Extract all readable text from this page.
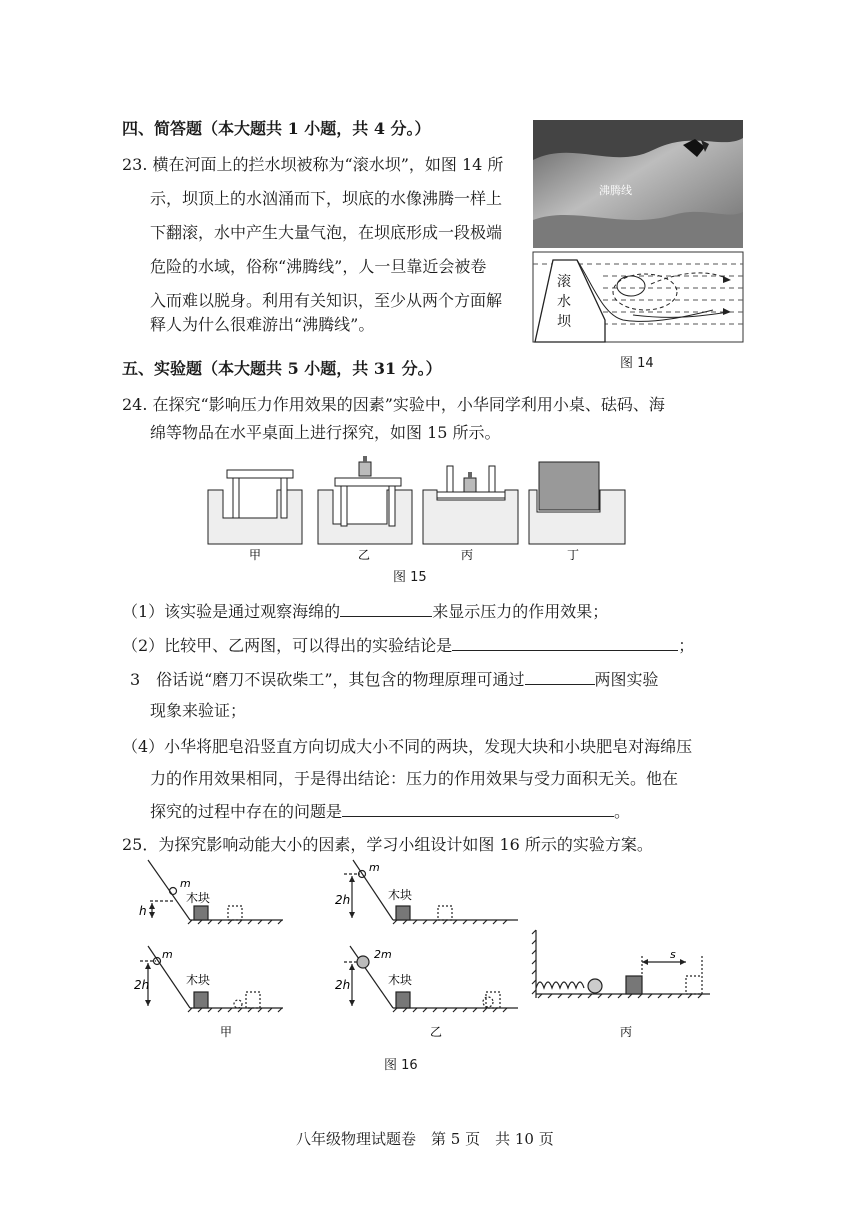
四、简答题（本大题共 1 小题，共 4 分。）
23. 横在河面上的拦水坝被称为“滚水坝”，如图 14 所
示，坝顶上的水汹涌而下，坝底的水像沸腾一样上
下翻滚，水中产生大量气泡，在坝底形成一段极端
危险的水域，俗称“沸腾线”，人一旦靠近会被卷
入而难以脱身。利用有关知识，至少从两个方面解
释人为什么很难游出“沸腾线”。
沸腾线
滚
水
坝
图 14
五、实验题（本大题共 5 小题，共 31 分。）
24. 在探究“影响压力作用效果的因素”实验中，小华同学利用小桌、砝码、海
绵等物品在水平桌面上进行探究，如图 15 所示。
甲	乙	丙	丁
图 15
（1）该实验是通过观察海绵的	来显示压力的作用效果；
（2）比较甲、乙两图，可以得出的实验结论是	；
3　俗话说“磨刀不误砍柴工”，其包含的物理原理可通过	两图实验
现象来验证；
（4）小华将肥皂沿竖直方向切成大小不同的两块，发现大块和小块肥皂对海绵压
力的作用效果相同，于是得出结论：压力的作用效果与受力面积无关。他在
探究的过程中存在的问题是	。
25．为探究影响动能大小的因素，学习小组设计如图 16 所示的实验方案。
m
h
木块
m
2h	木块
m
2h	木块
2m
2h	木块
s
甲	乙	丙
图 16
八年级物理试题卷　第 5 页　共 10 页
